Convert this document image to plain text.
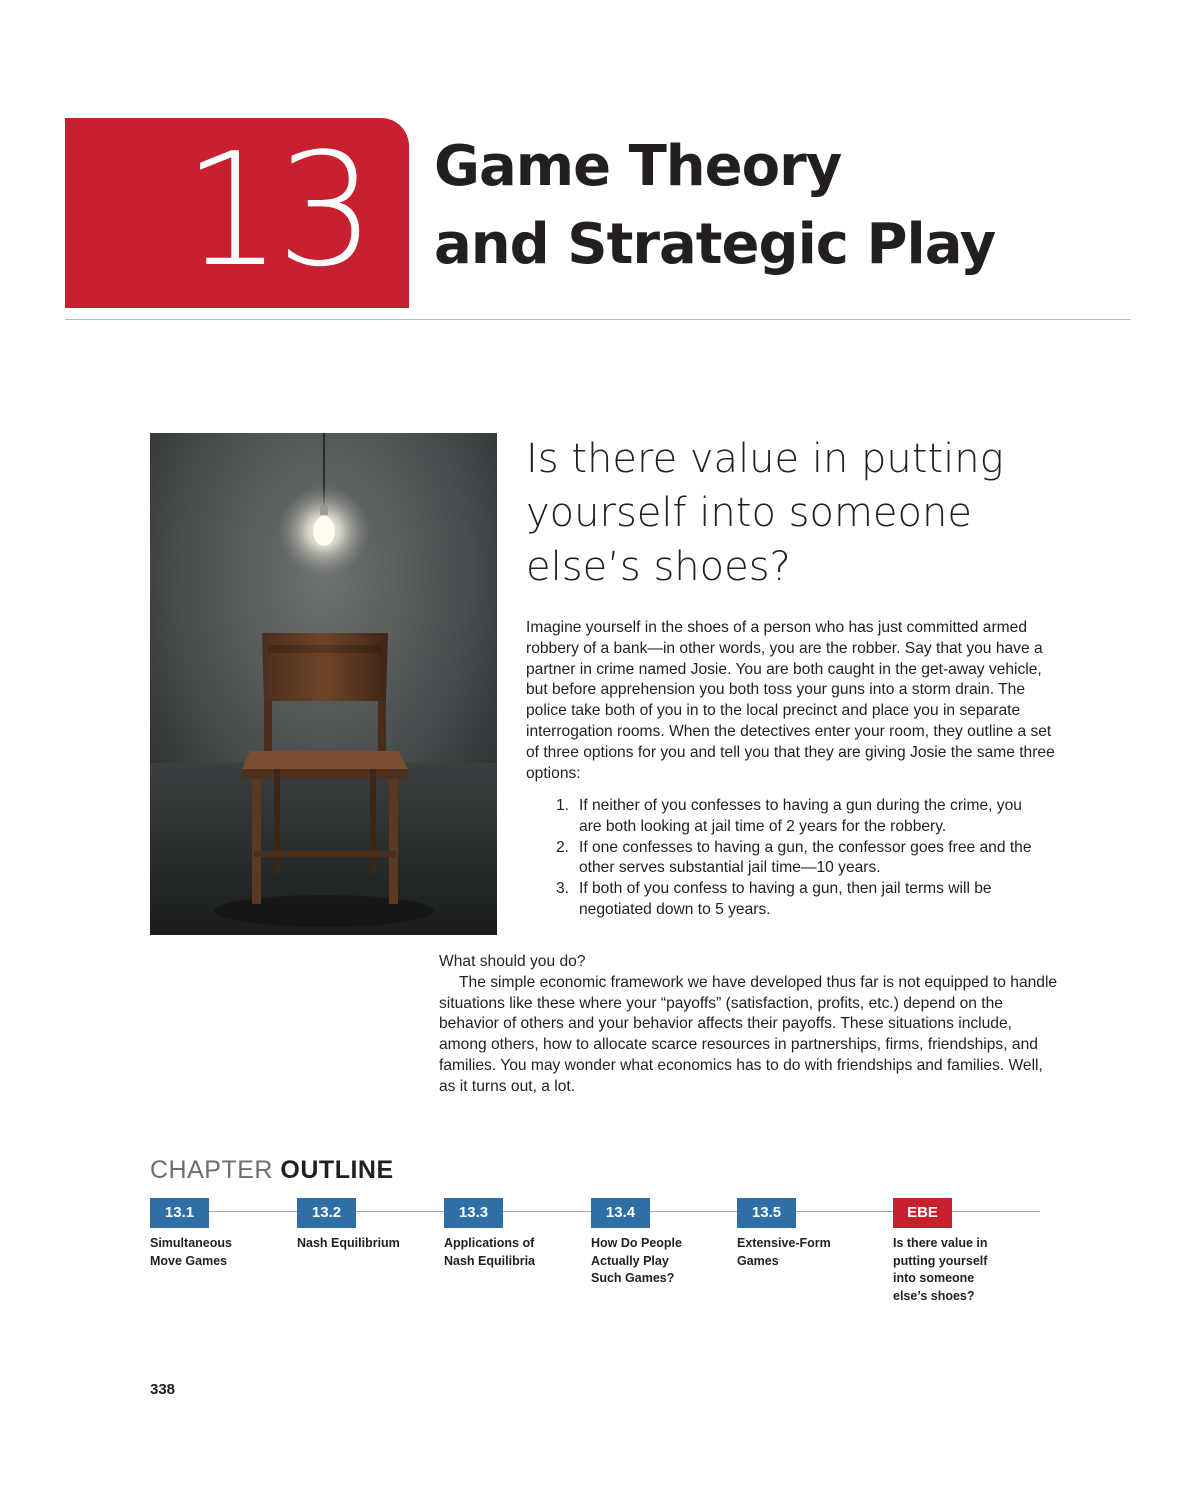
13 Game Theory
and Strategic Play
Is there value in putting
yourself into someone
else’s shoes?

Imagine yourself in the shoes of a person who has just committed armed robbery of a bank—in other words, you are the robber. Say that you have a partner in crime named Josie. You are both caught in the get-away vehicle, but before apprehension you both toss your guns into a storm drain. The police take both of you in to the local precinct and place you in separate interrogation rooms. When the detectives enter your room, they outline a set of three options for you and tell you that they are giving Josie the same three options:

1. If neither of you confesses to having a gun during the crime, you are both looking at jail time of 2 years for the robbery.
2. If one confesses to having a gun, the confessor goes free and the other serves substantial jail time—10 years.
3. If both of you confess to having a gun, then jail terms will be negotiated down to 5 years.

What should you do?

The simple economic framework we have developed thus far is not equipped to handle situations like these where your “payoffs” (satisfaction, profits, etc.) depend on the behavior of others and your behavior affects their payoffs. These situations include, among others, how to allocate scarce resources in partnerships, firms, friendships, and families. You may wonder what economics has to do with friendships and families. Well, as it turns out, a lot.

CHAPTER OUTLINE
13.1
Simultaneous Move Games
13.2
Nash Equilibrium
13.3
Applications of Nash Equilibria
13.4
How Do People Actually Play Such Games?
13.5
Extensive-Form Games
EBE
Is there value in putting yourself into someone else’s shoes?
338
